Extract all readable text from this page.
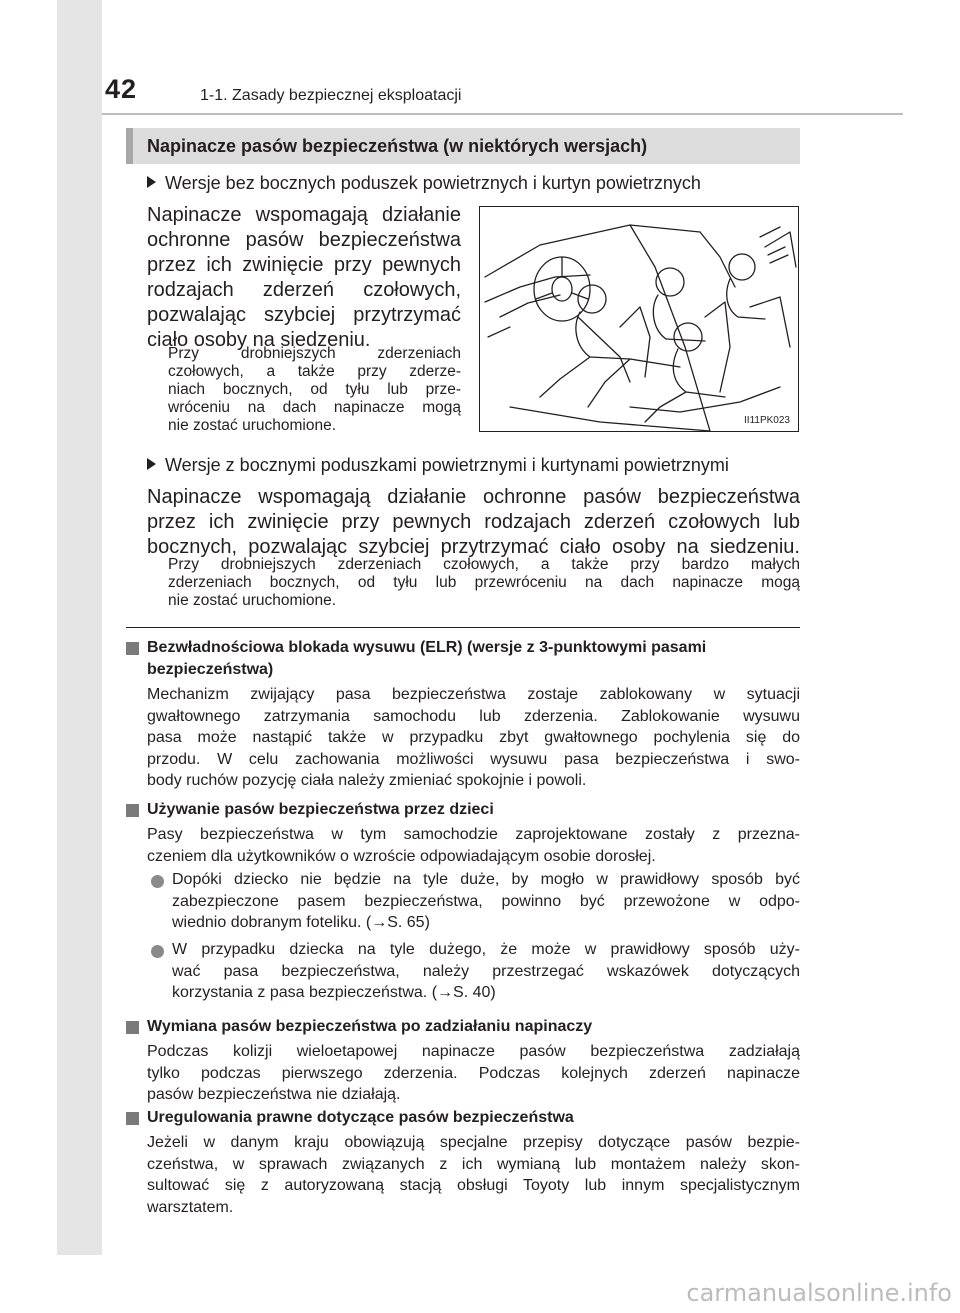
42	1-1. Zasady bezpiecznej eksploatacji
Napinacze pasów bezpieczeństwa (w niektórych wersjach)
Wersje bez bocznych poduszek powietrznych i kurtyn powietrznych
Napinacze wspomagają działanie
ochronne pasów bezpieczeństwa
przez ich zwinięcie przy pewnych
rodzajach zderzeń czołowych,
pozwalając szybciej przytrzymać
ciało osoby na siedzeniu.
Przy drobniejszych zderzeniach
czołowych, a także przy zderze-
niach bocznych, od tyłu lub prze-
wróceniu na dach napinacze mogą
nie zostać uruchomione.	II11PK023
Wersje z bocznymi poduszkami powietrznymi i kurtynami powietrznymi
Napinacze wspomagają działanie ochronne pasów bezpieczeństwa
przez ich zwinięcie przy pewnych rodzajach zderzeń czołowych lub
bocznych, pozwalając szybciej przytrzymać ciało osoby na siedzeniu.
Przy drobniejszych zderzeniach czołowych, a także przy bardzo małych
zderzeniach bocznych, od tyłu lub przewróceniu na dach napinacze mogą
nie zostać uruchomione.
Bezwładnościowa blokada wysuwu (ELR) (wersje z 3-punktowymi pasami
bezpieczeństwa)
Mechanizm zwijający pasa bezpieczeństwa zostaje zablokowany w sytuacji
gwałtownego zatrzymania samochodu lub zderzenia. Zablokowanie wysuwu
pasa może nastąpić także w przypadku zbyt gwałtownego pochylenia się do
przodu. W celu zachowania możliwości wysuwu pasa bezpieczeństwa i swo-
body ruchów pozycję ciała należy zmieniać spokojnie i powoli.
Używanie pasów bezpieczeństwa przez dzieci
Pasy bezpieczeństwa w tym samochodzie zaprojektowane zostały z przezna-
czeniem dla użytkowników o wzroście odpowiadającym osobie dorosłej.
Dopóki dziecko nie będzie na tyle duże, by mogło w prawidłowy sposób być
zabezpieczone pasem bezpieczeństwa, powinno być przewożone w odpo-
wiednio dobranym foteliku. (→S. 65)
W przypadku dziecka na tyle dużego, że może w prawidłowy sposób uży-
wać pasa bezpieczeństwa, należy przestrzegać wskazówek dotyczących
korzystania z pasa bezpieczeństwa. (→S. 40)
Wymiana pasów bezpieczeństwa po zadziałaniu napinaczy
Podczas kolizji wieloetapowej napinacze pasów bezpieczeństwa zadziałają
tylko podczas pierwszego zderzenia. Podczas kolejnych zderzeń napinacze
pasów bezpieczeństwa nie działają.
Uregulowania prawne dotyczące pasów bezpieczeństwa
Jeżeli w danym kraju obowiązują specjalne przepisy dotyczące pasów bezpie-
czeństwa, w sprawach związanych z ich wymianą lub montażem należy skon-
sultować się z autoryzowaną stacją obsługi Toyoty lub innym specjalistycznym
warsztatem.
carmanualsonline.info
